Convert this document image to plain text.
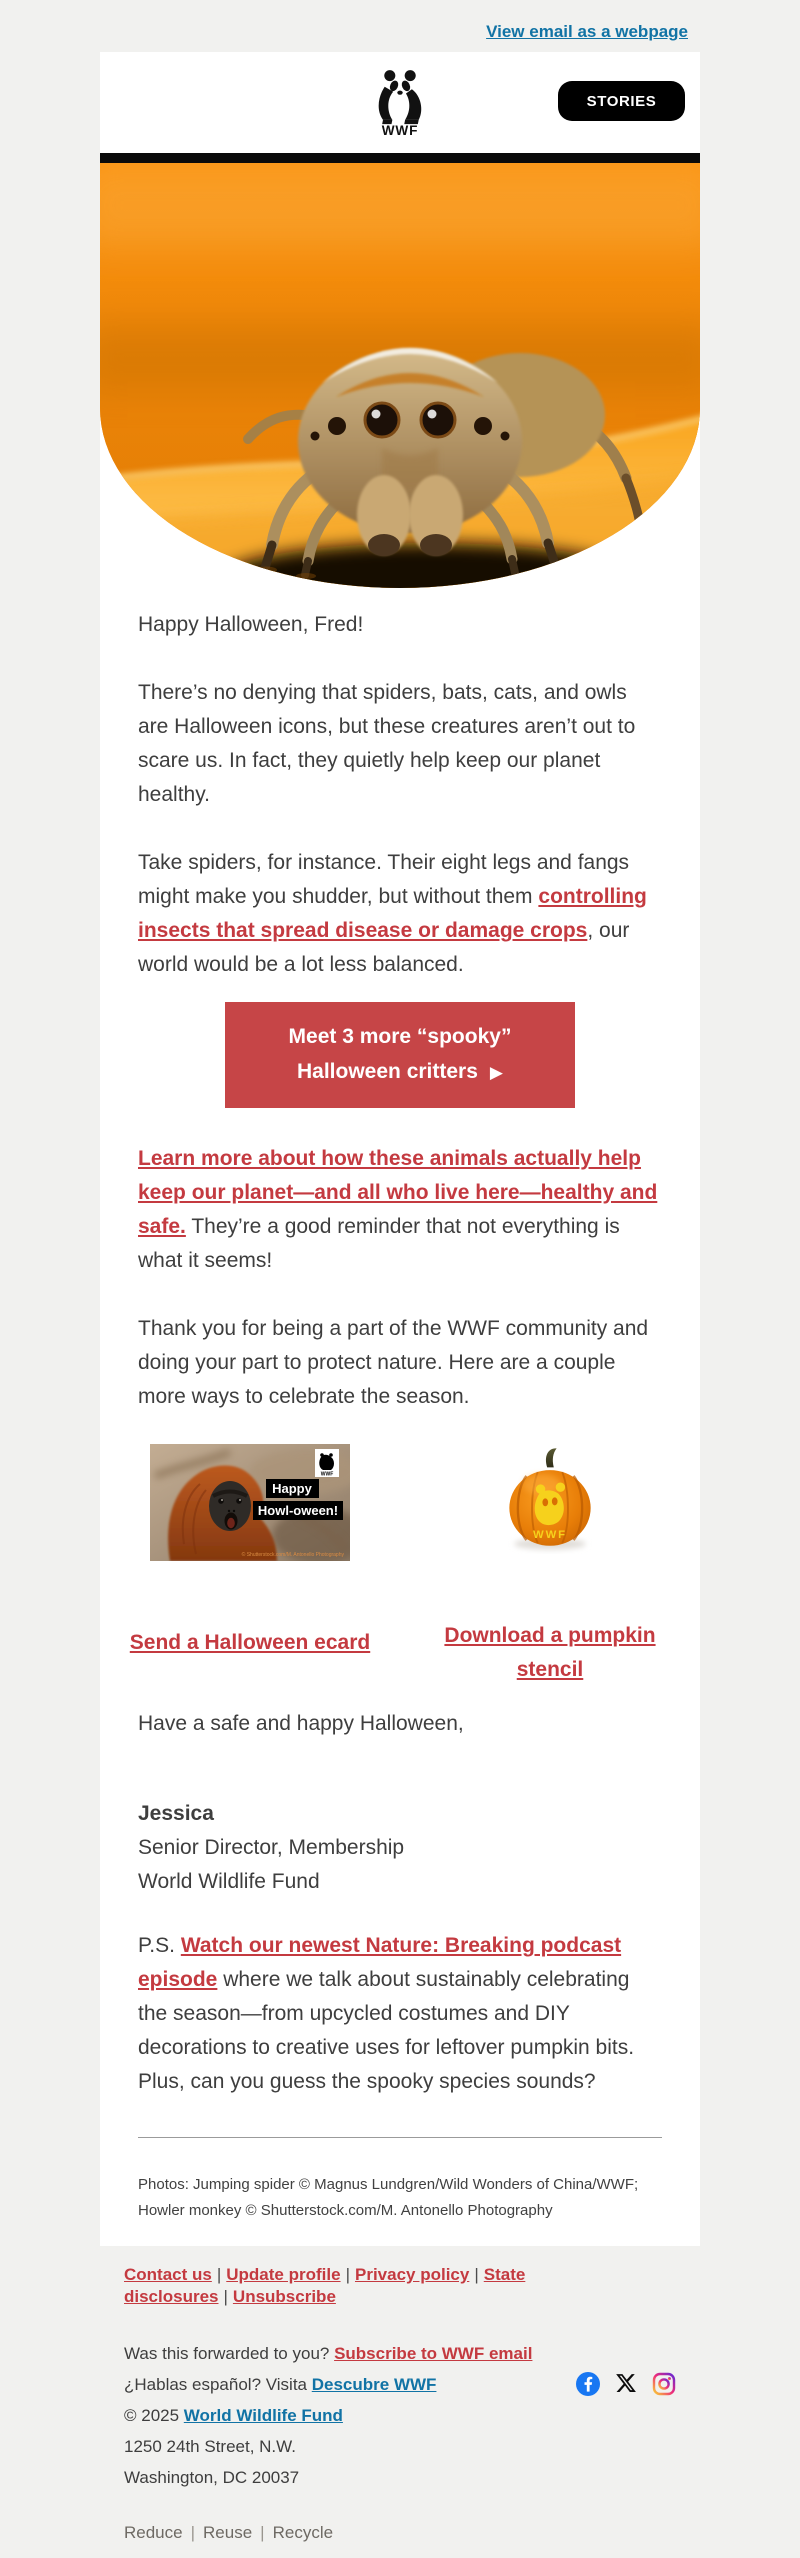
View email as a webpage
WWF
STORIES

Happy Halloween, Fred!

There’s no denying that spiders, bats, cats, and owls are Halloween icons, but these creatures aren’t out to scare us. In fact, they quietly help keep our planet healthy.

Take spiders, for instance. Their eight legs and fangs might make you shudder, but without them controlling insects that spread disease or damage crops, our world would be a lot less balanced.

Meet 3 more “spooky”
Halloween critters ▶

Learn more about how these animals actually help keep our planet—and all who live here—healthy and safe. They’re a good reminder that not everything is what it seems!

Thank you for being a part of the WWF community and doing your part to protect nature. Here are a couple more ways to celebrate the season.

Happy
Howl-oween!
WWF
© Shutterstock.com/M. Antonello Photography

Send a Halloween ecard
WWF

Download a pumpkin stencil

Have a safe and happy Halloween,

Jessica
Senior Director, Membership
World Wildlife Fund

P.S. Watch our newest Nature: Breaking podcast episode where we talk about sustainably celebrating the season—from upcycled costumes and DIY decorations to creative uses for leftover pumpkin bits. Plus, can you guess the spooky species sounds?

Photos: Jumping spider © Magnus Lundgren/Wild Wonders of China/WWF; Howler monkey © Shutterstock.com/M. Antonello Photography

Contact us | Update profile | Privacy policy | State disclosures | Unsubscribe
Was this forwarded to you? Subscribe to WWF email
¿Hablas español? Visita Descubre WWF
© 2025 World Wildlife Fund
1250 24th Street, N.W.
Washington, DC 20037
Reduce | Reuse | Recycle
